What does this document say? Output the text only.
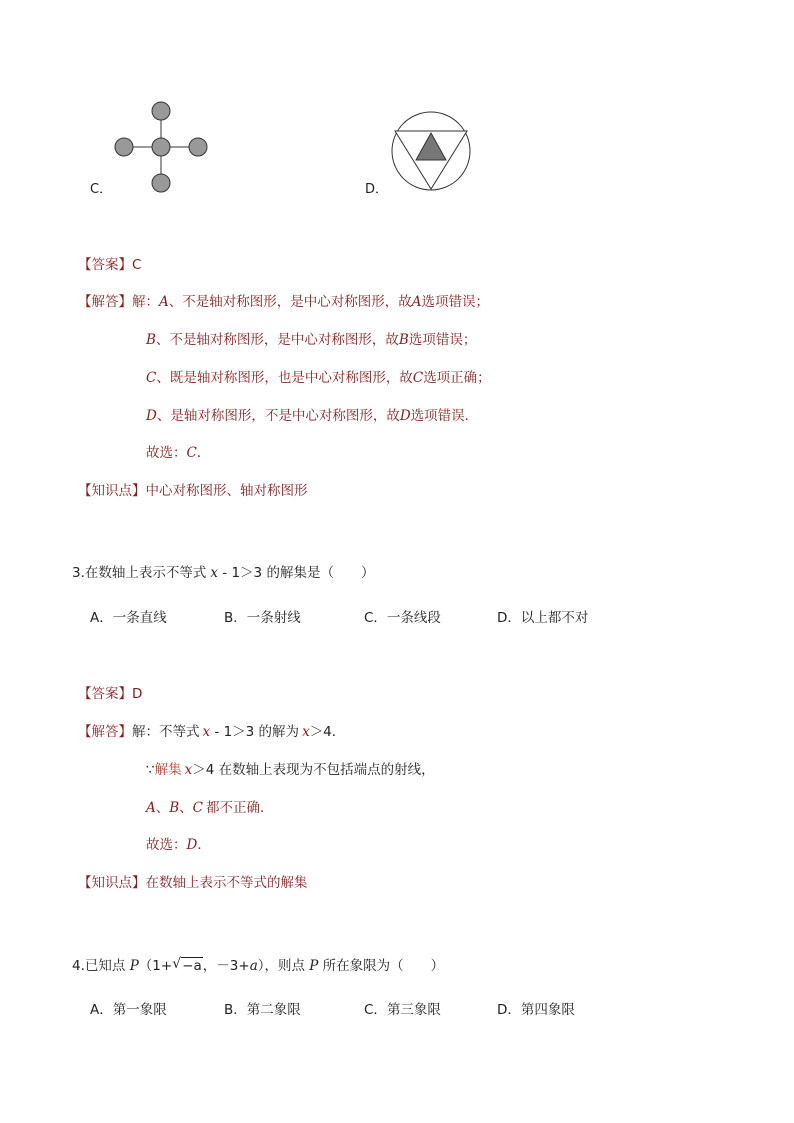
C．	D．
【答案】C
【解答】解：A、不是轴对称图形，是中心对称图形，故A选项错误；
B、不是轴对称图形，是中心对称图形，故B选项错误；
C、既是轴对称图形，也是中心对称图形，故C选项正确；
D、是轴对称图形，不是中心对称图形，故D选项错误．
故选：C．
【知识点】中心对称图形、轴对称图形
3.在数轴上表示不等式 x - 1＞3 的解集是（　　）
A．一条直线	B．一条射线	C．一条线段	D．以上都不对
【答案】D
【解答】解：不等式 x - 1＞3 的解为 x＞4．
∵解集 x＞4 在数轴上表现为不包括端点的射线，
A、B、C 都不正确．
故选：D．
【知识点】在数轴上表示不等式的解集
4.已知点 P（1+ √ −a，－3+a），则点 P 所在象限为（　　）
A．第一象限	B．第二象限	C．第三象限	D．第四象限
